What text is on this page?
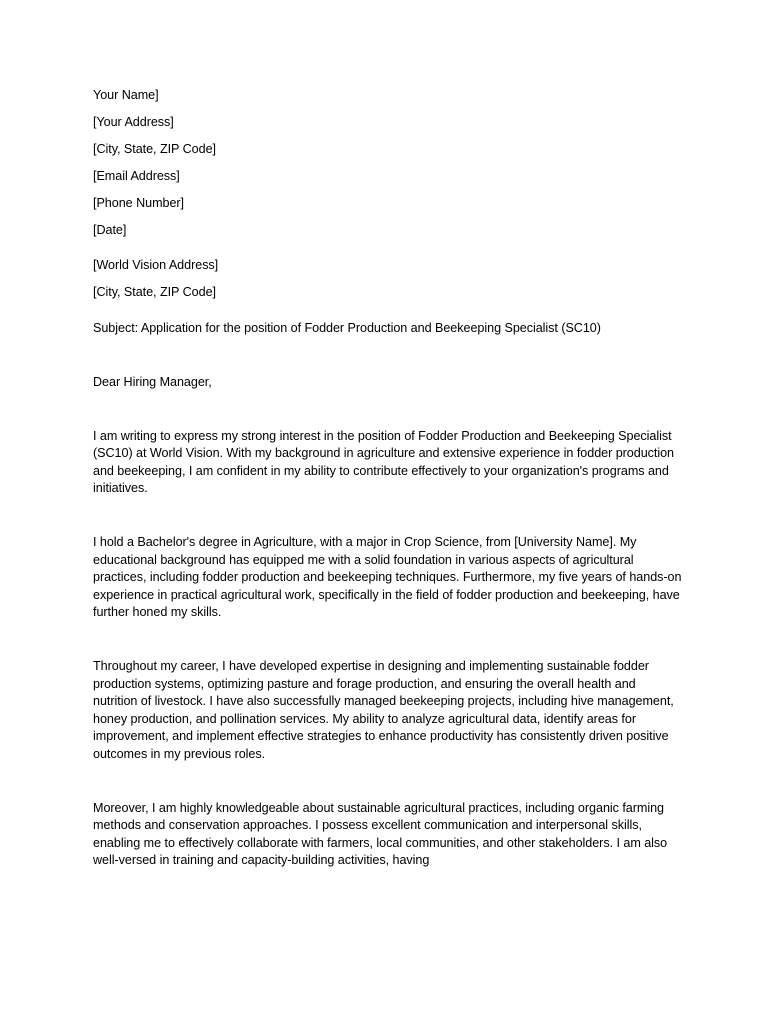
Your Name]
[Your Address]
[City, State, ZIP Code]
[Email Address]
[Phone Number]
[Date]
[World Vision Address]
[City, State, ZIP Code]

Subject: Application for the position of Fodder Production and Beekeeping Specialist (SC10)

Dear Hiring Manager,

I am writing to express my strong interest in the position of Fodder Production and Beekeeping Specialist (SC10) at World Vision. With my background in agriculture and extensive experience in fodder production and beekeeping, I am confident in my ability to contribute effectively to your organization's programs and initiatives.

I hold a Bachelor's degree in Agriculture, with a major in Crop Science, from [University Name]. My educational background has equipped me with a solid foundation in various aspects of agricultural practices, including fodder production and beekeeping techniques. Furthermore, my five years of hands-on experience in practical agricultural work, specifically in the field of fodder production and beekeeping, have further honed my skills.

Throughout my career, I have developed expertise in designing and implementing sustainable fodder production systems, optimizing pasture and forage production, and ensuring the overall health and nutrition of livestock. I have also successfully managed beekeeping projects, including hive management, honey production, and pollination services. My ability to analyze agricultural data, identify areas for improvement, and implement effective strategies to enhance productivity has consistently driven positive outcomes in my previous roles.

Moreover, I am highly knowledgeable about sustainable agricultural practices, including organic farming methods and conservation approaches. I possess excellent communication and interpersonal skills, enabling me to effectively collaborate with farmers, local communities, and other stakeholders. I am also well-versed in training and capacity-building activities, having
